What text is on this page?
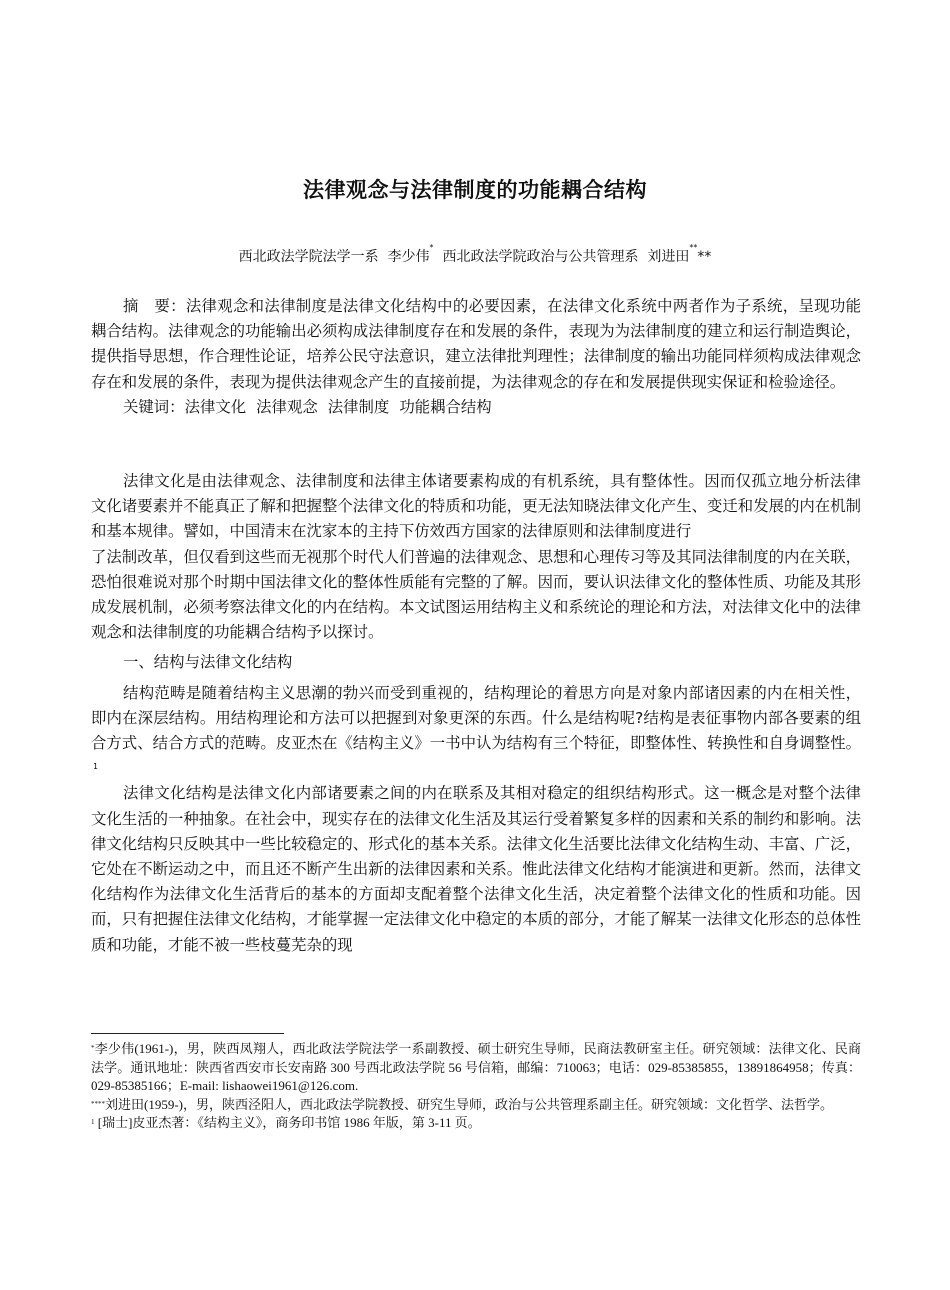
法律观念与法律制度的功能耦合结构
西北政法学院法学一系 李少伟*  西北政法学院政治与公共管理系 刘进田****

摘　要：法律观念和法律制度是法律文化结构中的必要因素，在法律文化系统中两者作为子系统，呈现功能耦合结构。法律观念的功能输出必须构成法律制度存在和发展的条件，表现为为法律制度的建立和运行制造舆论，提供指导思想，作合理性论证，培养公民守法意识，建立法律批判理性；法律制度的输出功能同样须构成法律观念存在和发展的条件，表现为提供法律观念产生的直接前提，为法律观念的存在和发展提供现实保证和检验途径。

关键词：法律文化 法律观念 法律制度 功能耦合结构

法律文化是由法律观念、法律制度和法律主体诸要素构成的有机系统，具有整体性。因而仅孤立地分析法律文化诸要素并不能真正了解和把握整个法律文化的特质和功能，更无法知晓法律文化产生、变迁和发展的内在机制和基本规律。譬如，中国清末在沈家本的主持下仿效西方国家的法律原则和法律制度进行

了法制改革，但仅看到这些而无视那个时代人们普遍的法律观念、思想和心理传习等及其同法律制度的内在关联，恐怕很难说对那个时期中国法律文化的整体性质能有完整的了解。因而，要认识法律文化的整体性质、功能及其形成发展机制，必须考察法律文化的内在结构。本文试图运用结构主义和系统论的理论和方法，对法律文化中的法律观念和法律制度的功能耦合结构予以探讨。

一、结构与法律文化结构

结构范畴是随着结构主义思潮的勃兴而受到重视的，结构理论的着思方向是对象内部诸因素的内在相关性，即内在深层结构。用结构理论和方法可以把握到对象更深的东西。什么是结构呢?结构是表征事物内部各要素的组合方式、结合方式的范畴。皮亚杰在《结构主义》一书中认为结构有三个特征，即整体性、转换性和自身调整性。$^1$

法律文化结构是法律文化内部诸要素之间的内在联系及其相对稳定的组织结构形式。这一概念是对整个法律文化生活的一种抽象。在社会中，现实存在的法律文化生活及其运行受着繁复多样的因素和关系的制约和影响。法律文化结构只反映其中一些比较稳定的、形式化的基本关系。法律文化生活要比法律文化结构生动、丰富、广泛，它处在不断运动之中，而且还不断产生出新的法律因素和关系。惟此法律文化结构才能演进和更新。然而，法律文化结构作为法律文化生活背后的基本的方面却支配着整个法律文化生活，决定着整个法律文化的性质和功能。因而，只有把握住法律文化结构，才能掌握一定法律文化中稳定的本质的部分，才能了解某一法律文化形态的总体性质和功能，才能不被一些枝蔓芜杂的现

*李少伟(1961-)，男，陕西凤翔人，西北政法学院法学一系副教授、硕士研究生导师，民商法教研室主任。研究领域：法律文化、民商法学。通讯地址：陕西省西安市长安南路 300 号西北政法学院 56 号信箱，邮编：710063；电话：029-85385855，13891864958；传真：029-85385166；E-mail: lishaowei1961@126.com.

****刘进田(1959-)，男，陕西泾阳人，西北政法学院教授、研究生导师，政治与公共管理系副主任。研究领域：文化哲学、法哲学。

$^1$ [瑞士]皮亚杰著：《结构主义》，商务印书馆 1986 年版，第 3-11 页。
